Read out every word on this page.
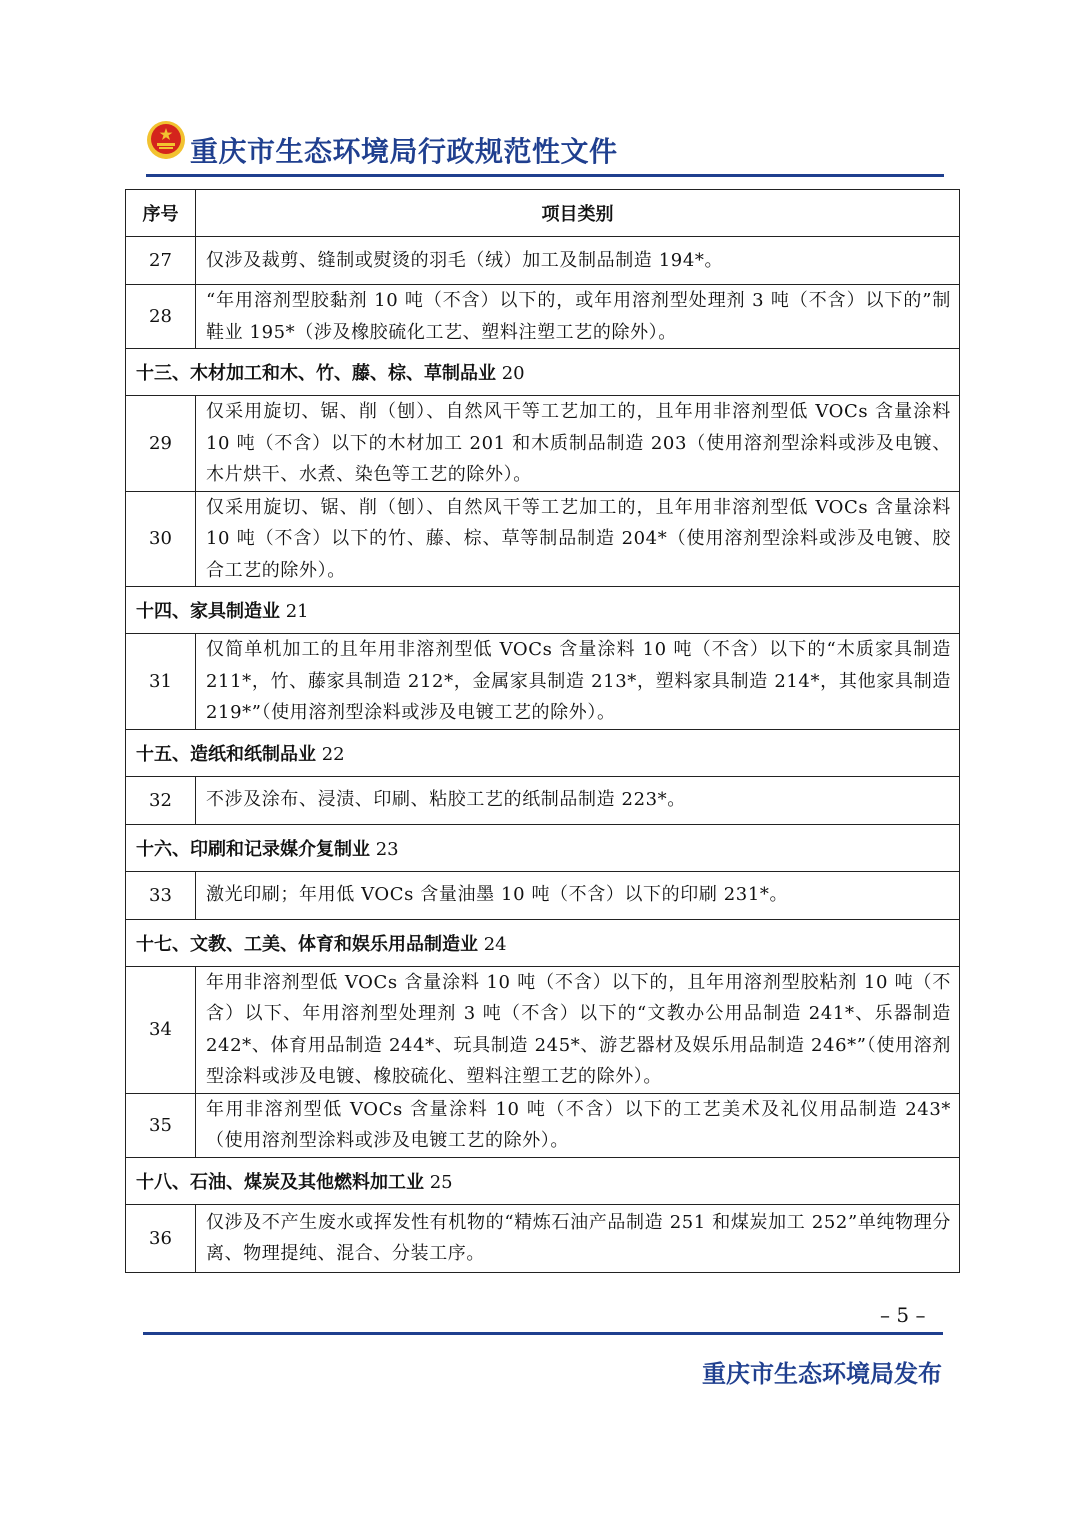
重庆市生态环境局行政规范性文件
序号	项目类别
27	仅涉及裁剪、缝制或熨烫的羽毛（绒）加工及制品制造 194*。
28	“年用溶剂型胶黏剂 10 吨（不含）以下的，或年用溶剂型处理剂 3 吨（不含）以下的”制鞋业 195*（涉及橡胶硫化工艺、塑料注塑工艺的除外）。
十三、木材加工和木、竹、藤、棕、草制品业 20	
29	仅采用旋切、锯、削（刨）、自然风干等工艺加工的，且年用非溶剂型低 VOCs 含量涂料 10 吨（不含）以下的木材加工 201 和木质制品制造 203（使用溶剂型涂料或涉及电镀、木片烘干、水煮、染色等工艺的除外）。
30	仅采用旋切、锯、削（刨）、自然风干等工艺加工的，且年用非溶剂型低 VOCs 含量涂料 10 吨（不含）以下的竹、藤、棕、草等制品制造 204*（使用溶剂型涂料或涉及电镀、胶合工艺的除外）。
十四、家具制造业 21	
31	仅简单机加工的且年用非溶剂型低 VOCs 含量涂料 10 吨（不含）以下的“木质家具制造 211*，竹、藤家具制造 212*，金属家具制造 213*，塑料家具制造 214*，其他家具制造 219*”（使用溶剂型涂料或涉及电镀工艺的除外）。
十五、造纸和纸制品业 22	
32	不涉及涂布、浸渍、印刷、粘胶工艺的纸制品制造 223*。
十六、印刷和记录媒介复制业 23	
33	激光印刷；年用低 VOCs 含量油墨 10 吨（不含）以下的印刷 231*。
十七、文教、工美、体育和娱乐用品制造业 24	
34	年用非溶剂型低 VOCs 含量涂料 10 吨（不含）以下的，且年用溶剂型胶粘剂 10 吨（不含）以下、年用溶剂型处理剂 3 吨（不含）以下的“文教办公用品制造 241*、乐器制造 242*、体育用品制造 244*、玩具制造 245*、游艺器材及娱乐用品制造 246*”（使用溶剂型涂料或涉及电镀、橡胶硫化、塑料注塑工艺的除外）。
35	年用非溶剂型低 VOCs 含量涂料 10 吨（不含）以下的工艺美术及礼仪用品制造 243*（使用溶剂型涂料或涉及电镀工艺的除外）。
十八、石油、煤炭及其他燃料加工业 25	
36	仅涉及不产生废水或挥发性有机物的“精炼石油产品制造 251 和煤炭加工 252”单纯物理分离、物理提纯、混合、分装工序。
– 5 –
重庆市生态环境局发布
